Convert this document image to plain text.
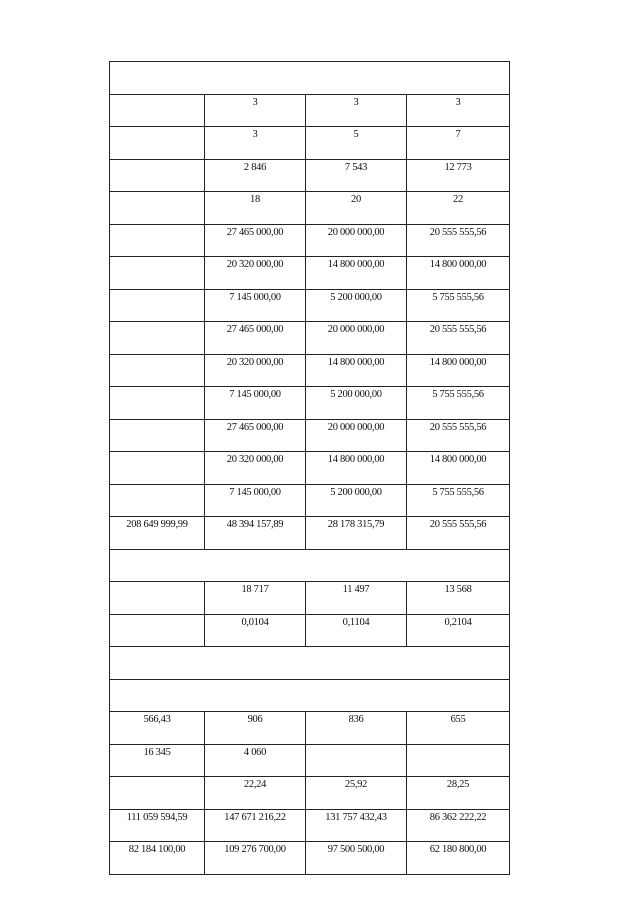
	3	3	3
	3	5	7
	2 846	7 543	12 773
	18	20	22
	27 465 000,00	20 000 000,00	20 555 555,56
	20 320 000,00	14 800 000,00	14 800 000,00
	7 145 000,00	5 200 000,00	5 755 555,56
	27 465 000,00	20 000 000,00	20 555 555,56
	20 320 000,00	14 800 000,00	14 800 000,00
	7 145 000,00	5 200 000,00	5 755 555,56
	27 465 000,00	20 000 000,00	20 555 555,56
	20 320 000,00	14 800 000,00	14 800 000,00
	7 145 000,00	5 200 000,00	5 755 555,56
208 649 999,99	48 394 157,89	28 178 315,79	20 555 555,56

	18 717	11 497	13 568
	0,0104	0,1104	0,2104

566,43	906	836	655
16 345	4 060		
	22,24	25,92	28,25
111 059 594,59	147 671 216,22	131 757 432,43	86 362 222,22
82 184 100,00	109 276 700,00	97 500 500,00	62 180 800,00
